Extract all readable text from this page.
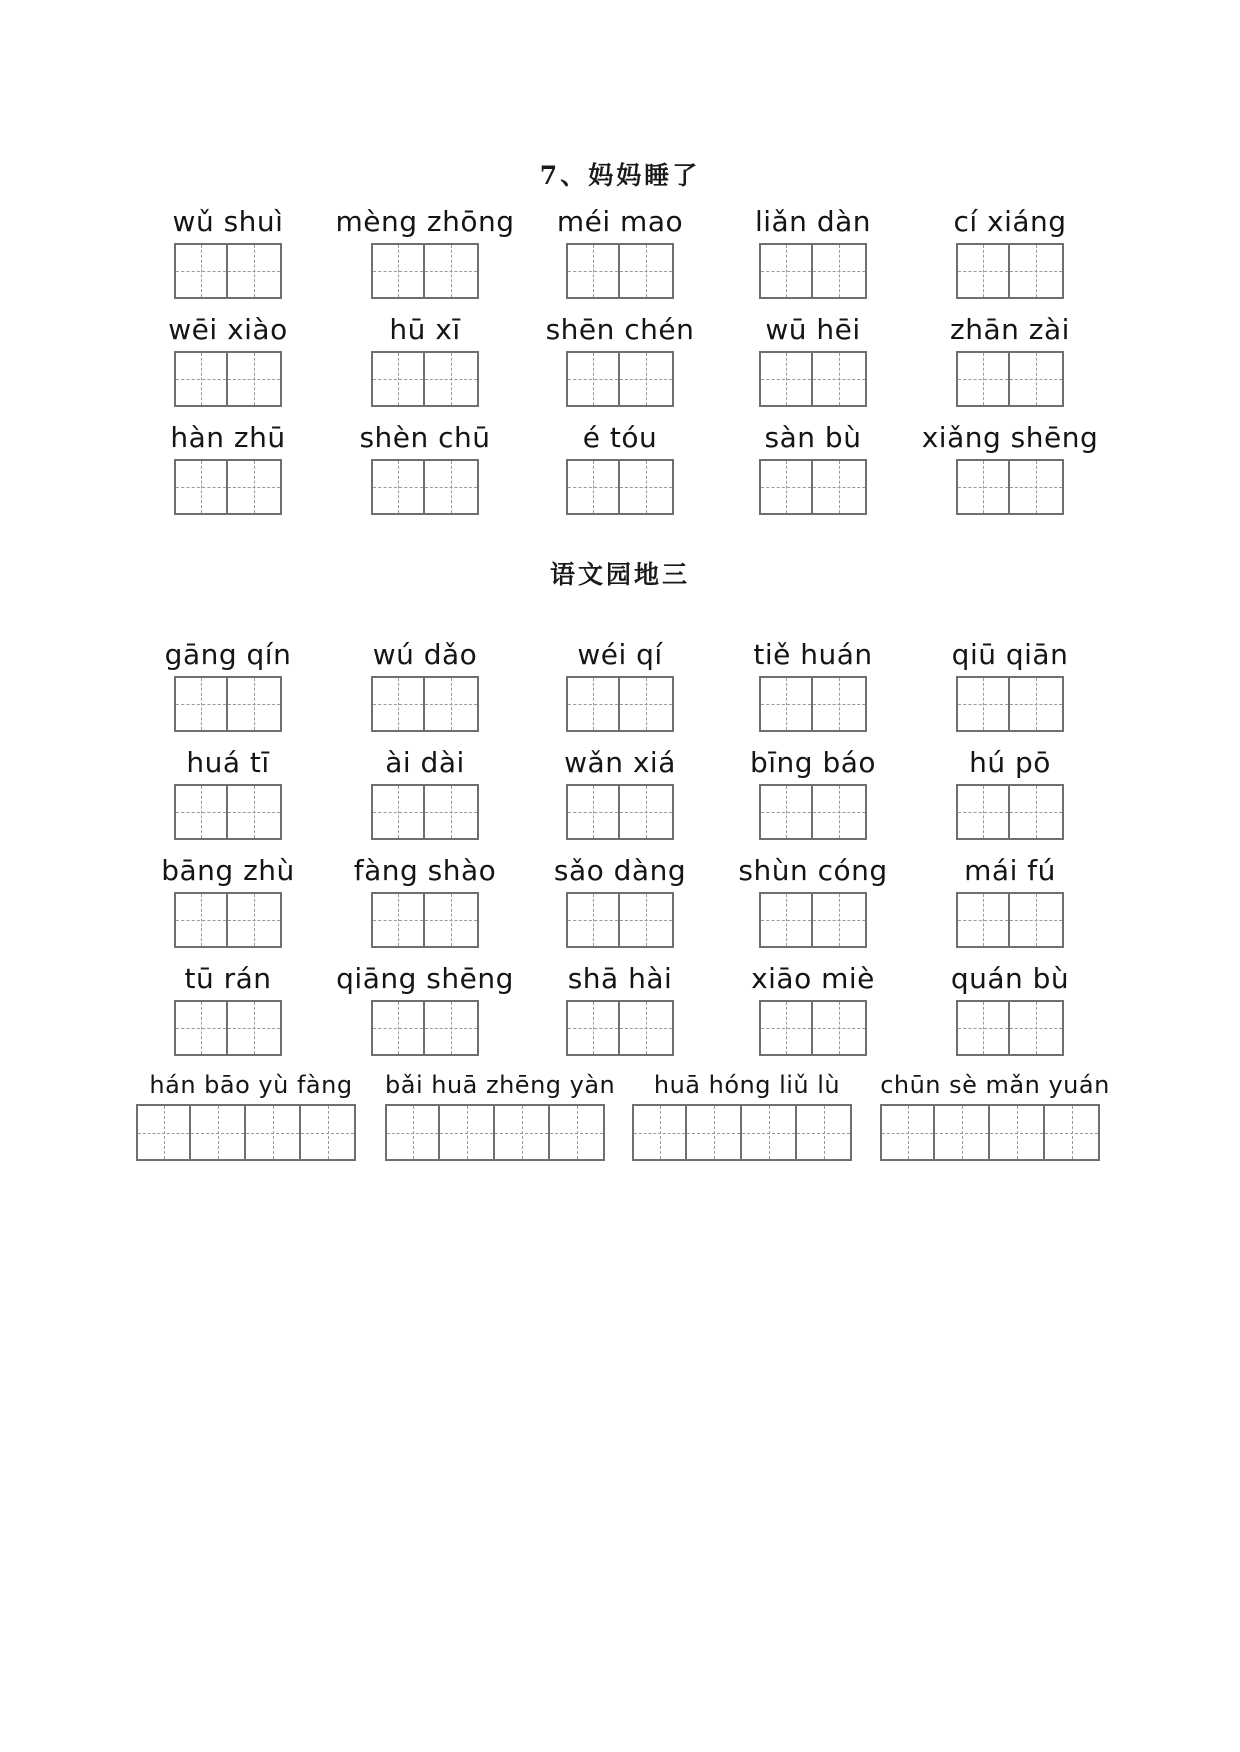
7、妈妈睡了
语文园地三
wǔ shuì	mèng zhōng	méi mao	liǎn dàn	cí xiáng
wēi xiào	hū xī	shēn chén	wū hēi	zhān zài
hàn zhū	shèn chū	é tóu	sàn bù	xiǎng shēng
gāng qín	wú dǎo	wéi qí	tiě huán	qiū qiān
huá tī	ài dài	wǎn xiá	bīng báo	hú pō
bāng zhù	fàng shào	sǎo dàng	shùn cóng	mái fú
tū rán	qiāng shēng	shā hài	xiāo miè	quán bù
hán bāo yù fàng	bǎi huā zhēng yàn	huā hóng liǔ lù	chūn sè mǎn yuán
